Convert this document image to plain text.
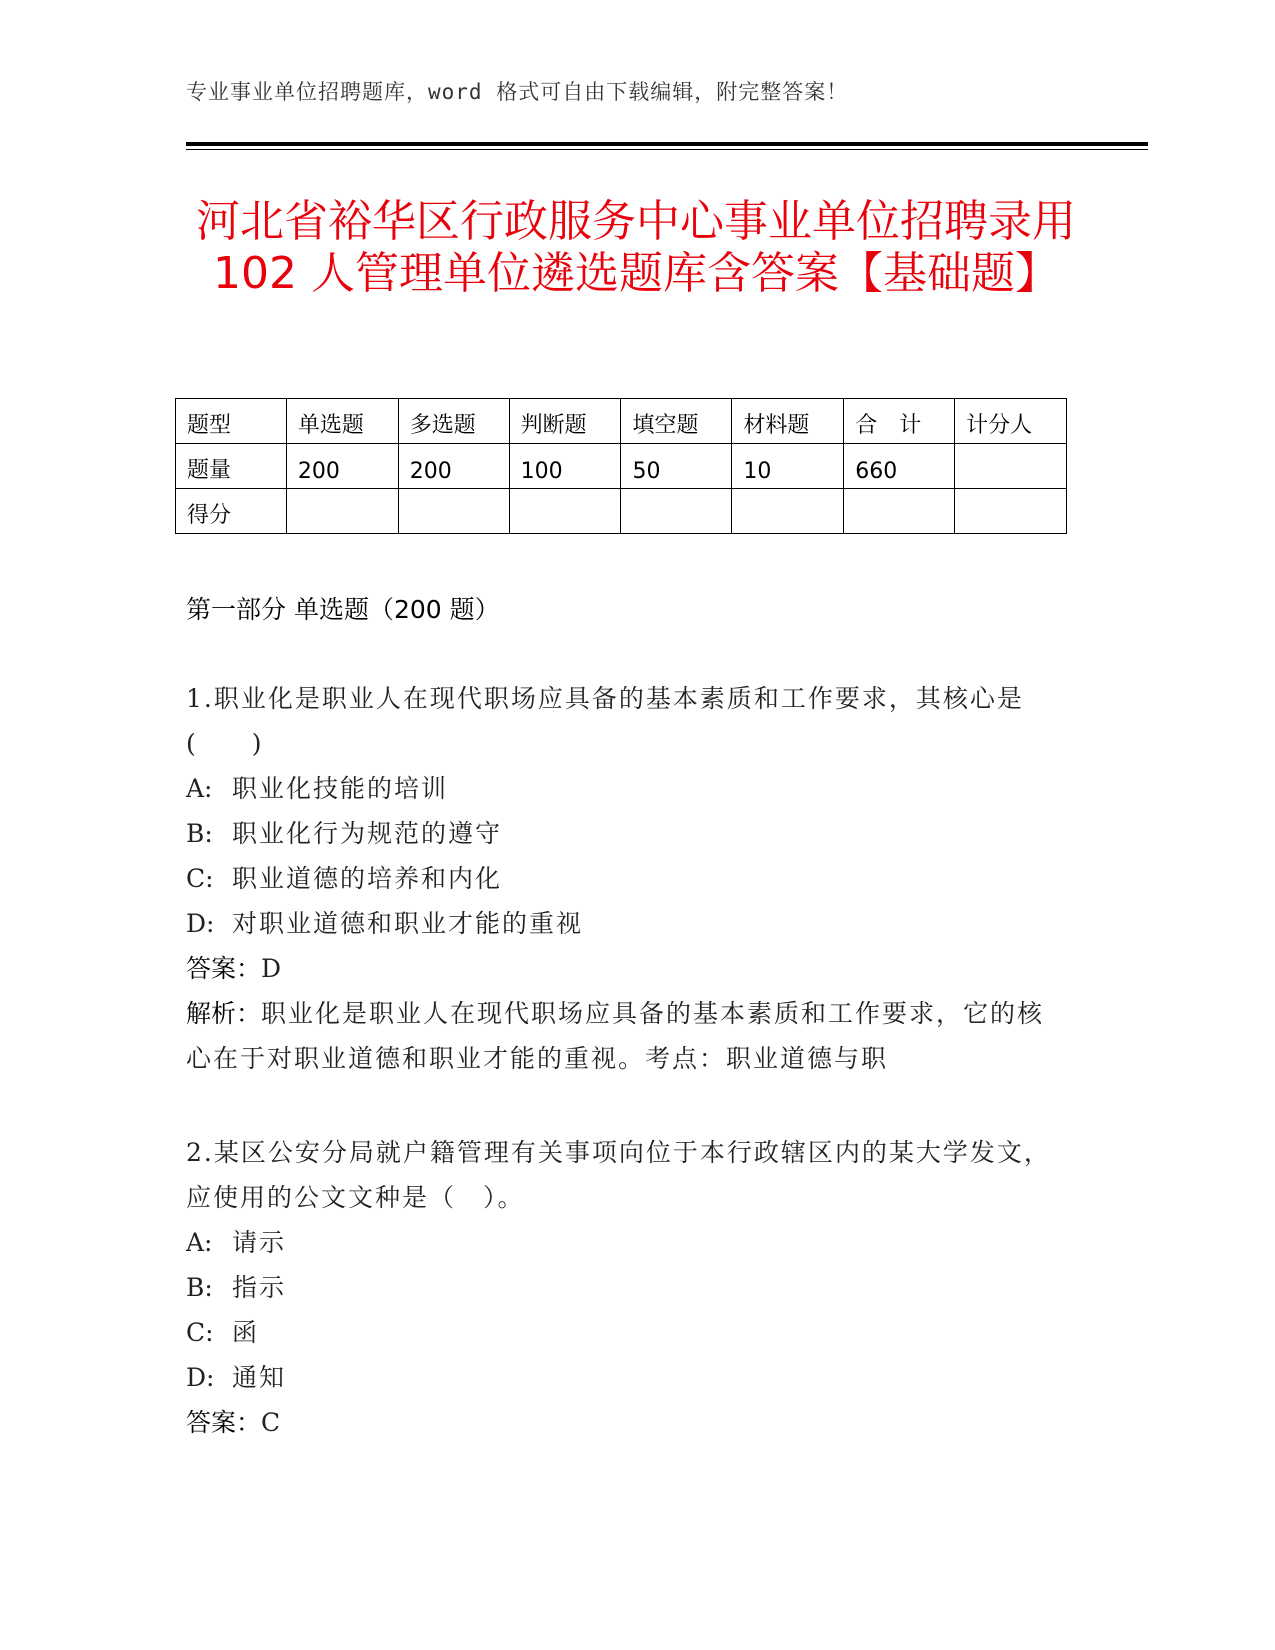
专业事业单位招聘题库，word 格式可自由下载编辑，附完整答案！
河北省裕华区行政服务中心事业单位招聘录用 102 人管理单位遴选题库含答案【基础题】
题型	单选题	多选题	判断题	填空题	材料题	合　计	计分人
题量	200	200	100	50	10	660	
得分							
第一部分 单选题（200 题）
1.职业化是职业人在现代职场应具备的基本素质和工作要求，其核心是(　　)
A: 职业化技能的培训
B: 职业化行为规范的遵守
C: 职业道德的培养和内化
D: 对职业道德和职业才能的重视
答案：D
解析：职业化是职业人在现代职场应具备的基本素质和工作要求，它的核心在于对职业道德和职业才能的重视。考点：职业道德与职
2.某区公安分局就户籍管理有关事项向位于本行政辖区内的某大学发文，应使用的公文文种是（　）。
A: 请示
B: 指示
C: 函
D: 通知
答案：C
